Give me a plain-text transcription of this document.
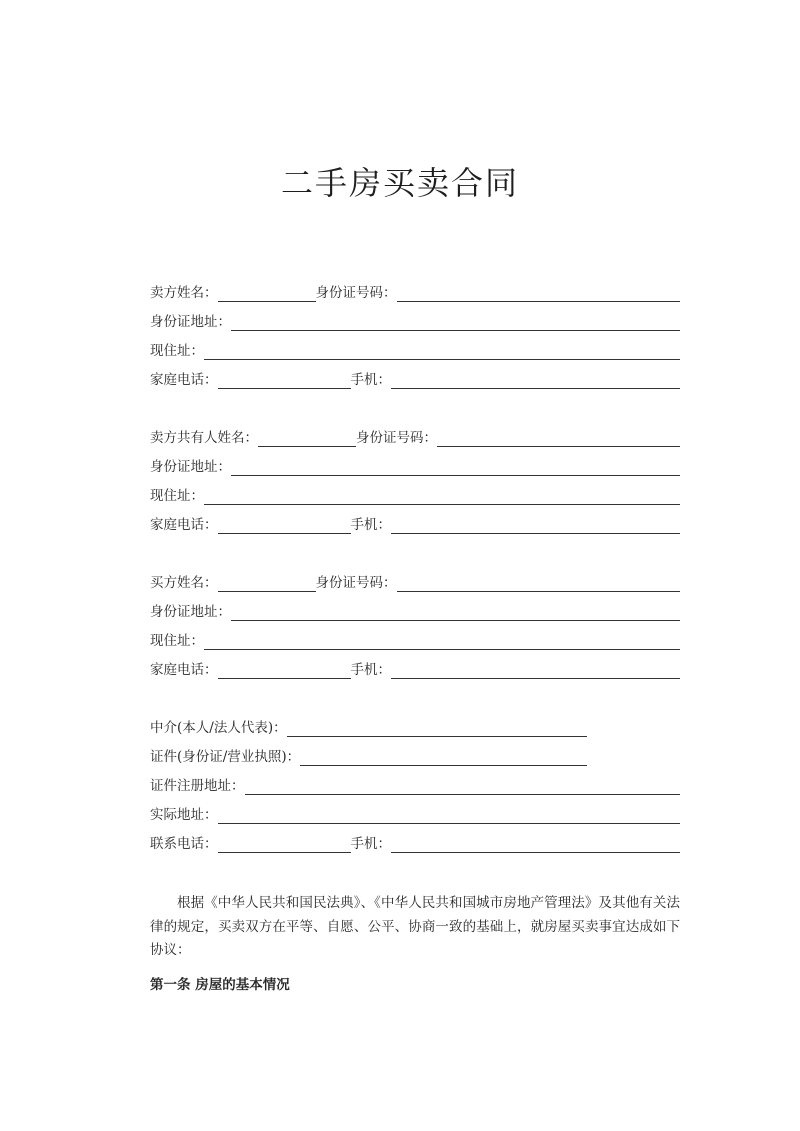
二手房买卖合同
卖方姓名：	身份证号码：
身份证地址：
现住址：
家庭电话：	手机：
卖方共有人姓名：	身份证号码：
身份证地址：
现住址：
家庭电话：	手机：
买方姓名：	身份证号码：
身份证地址：
现住址：
家庭电话：	手机：
中介(本人/法人代表)：
证件(身份证/营业执照)：
证件注册地址：
实际地址：
联系电话：	手机：

根据《中华人民共和国民法典》、《中华人民共和国城市房地产管理法》及其他有关法律的规定，买卖双方在平等、自愿、公平、协商一致的基础上，就房屋买卖事宜达成如下协议：

第一条 房屋的基本情况
